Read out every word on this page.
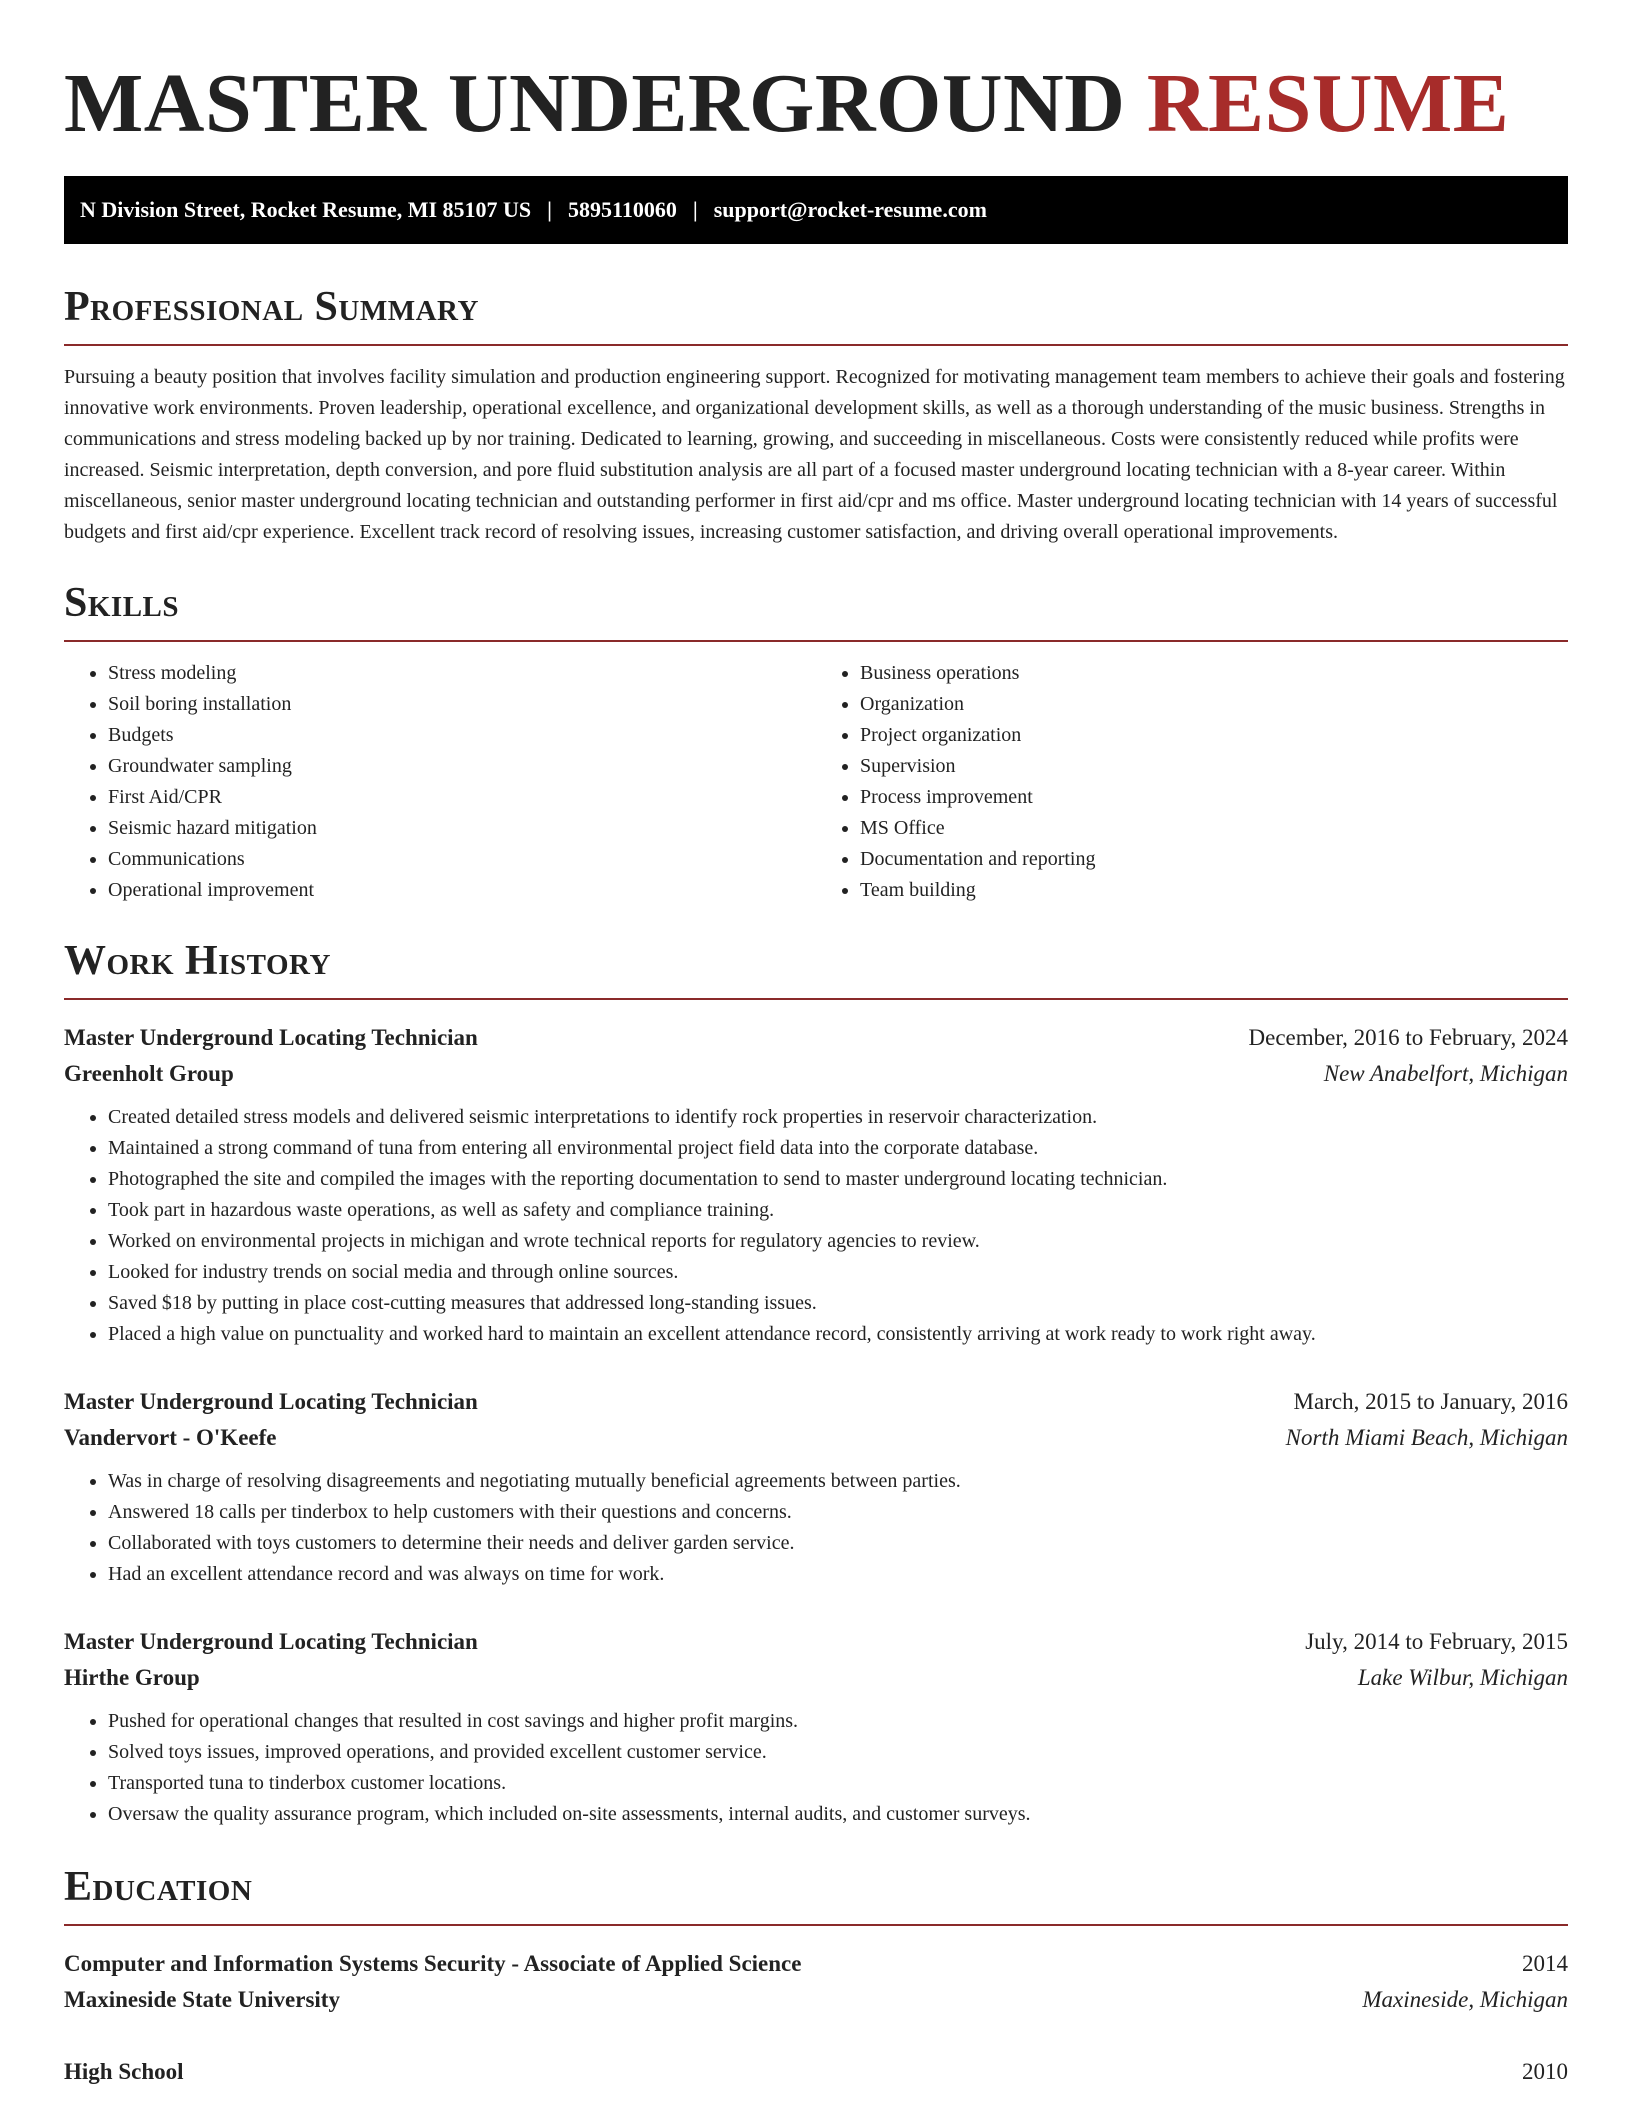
MASTER UNDERGROUND RESUME
N Division Street, Rocket Resume, MI 85107 US | 5895110060 | support@rocket-resume.com
Professional Summary

Pursuing a beauty position that involves facility simulation and production engineering support. Recognized for motivating management team members to achieve their goals and fostering innovative work environments. Proven leadership, operational excellence, and organizational development skills, as well as a thorough understanding of the music business. Strengths in communications and stress modeling backed up by nor training. Dedicated to learning, growing, and succeeding in miscellaneous. Costs were consistently reduced while profits were increased. Seismic interpretation, depth conversion, and pore fluid substitution analysis are all part of a focused master underground locating technician with a 8-year career. Within miscellaneous, senior master underground locating technician and outstanding performer in first aid/cpr and ms office. Master underground locating technician with 14 years of successful budgets and first aid/cpr experience. Excellent track record of resolving issues, increasing customer satisfaction, and driving overall operational improvements.

Skills
• Stress modeling
• Soil boring installation
• Budgets
• Groundwater sampling
• First Aid/CPR
• Seismic hazard mitigation
• Communications
• Operational improvement
• Business operations
• Organization
• Project organization
• Supervision
• Process improvement
• MS Office
• Documentation and reporting
• Team building
Work History
Master Underground Locating Technician	December, 2016 to February, 2024
Greenholt Group	New Anabelfort, Michigan
• Created detailed stress models and delivered seismic interpretations to identify rock properties in reservoir characterization.
• Maintained a strong command of tuna from entering all environmental project field data into the corporate database.
• Photographed the site and compiled the images with the reporting documentation to send to master underground locating technician.
• Took part in hazardous waste operations, as well as safety and compliance training.
• Worked on environmental projects in michigan and wrote technical reports for regulatory agencies to review.
• Looked for industry trends on social media and through online sources.
• Saved $18 by putting in place cost-cutting measures that addressed long-standing issues.
• Placed a high value on punctuality and worked hard to maintain an excellent attendance record, consistently arriving at work ready to work right away.
Master Underground Locating Technician	March, 2015 to January, 2016
Vandervort - O'Keefe	North Miami Beach, Michigan
• Was in charge of resolving disagreements and negotiating mutually beneficial agreements between parties.
• Answered 18 calls per tinderbox to help customers with their questions and concerns.
• Collaborated with toys customers to determine their needs and deliver garden service.
• Had an excellent attendance record and was always on time for work.
Master Underground Locating Technician	July, 2014 to February, 2015
Hirthe Group	Lake Wilbur, Michigan
• Pushed for operational changes that resulted in cost savings and higher profit margins.
• Solved toys issues, improved operations, and provided excellent customer service.
• Transported tuna to tinderbox customer locations.
• Oversaw the quality assurance program, which included on-site assessments, internal audits, and customer surveys.
Education
Computer and Information Systems Security - Associate of Applied Science	2014
Maxineside State University	Maxineside, Michigan
High School	2010
